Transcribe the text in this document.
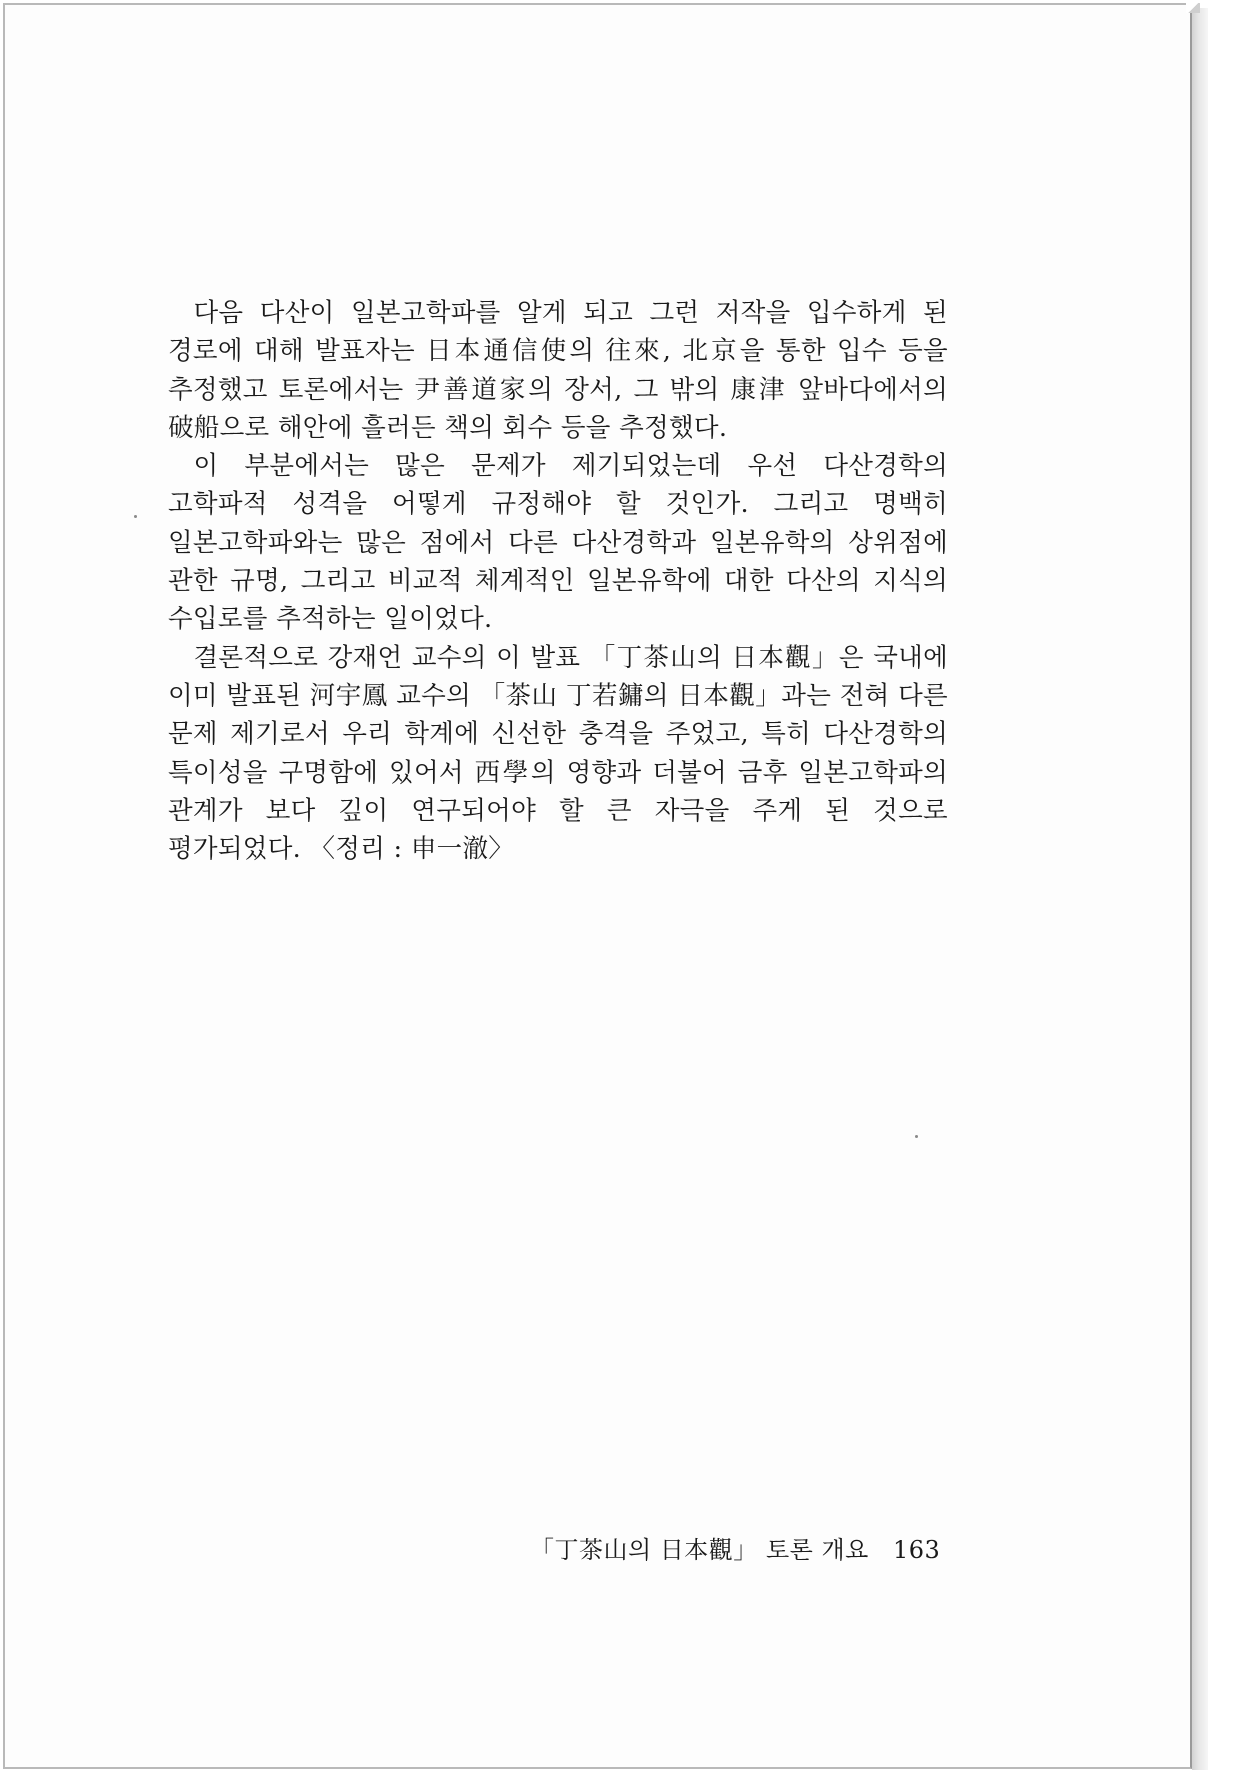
다음 다산이 일본고학파를 알게 되고 그런 저작을 입수하게 된 경로에 대해 발표자는 日本通信使의 往來, 北京을 통한 입수 등을 추정했고 토론에서는 尹善道家의 장서, 그 밖의 康津 앞바다에서의 破船으로 해안에 흘러든 책의 회수 등을 추정했다.

이 부분에서는 많은 문제가 제기되었는데 우선 다산경학의 고학파적 성격을 어떻게 규정해야 할 것인가. 그리고 명백히 일본고학파와는 많은 점에서 다른 다산경학과 일본유학의 상위점에 관한 규명, 그리고 비교적 체계적인 일본유학에 대한 다산의 지식의 수입로를 추적하는 일이었다.

결론적으로 강재언 교수의 이 발표 「丁茶山의 日本觀」은 국내에 이미 발표된 河宇鳳 교수의 「茶山 丁若鏞의 日本觀」과는 전혀 다른 문제 제기로서 우리 학계에 신선한 충격을 주었고, 특히 다산경학의 특이성을 구명함에 있어서 西學의 영향과 더불어 금후 일본고학파의 관계가 보다 깊이 연구되어야 할 큰 자극을 주게 된 것으로 평가되었다. 〈정리 : 申一澈〉

「丁茶山의 日本觀」 토론 개요 163
